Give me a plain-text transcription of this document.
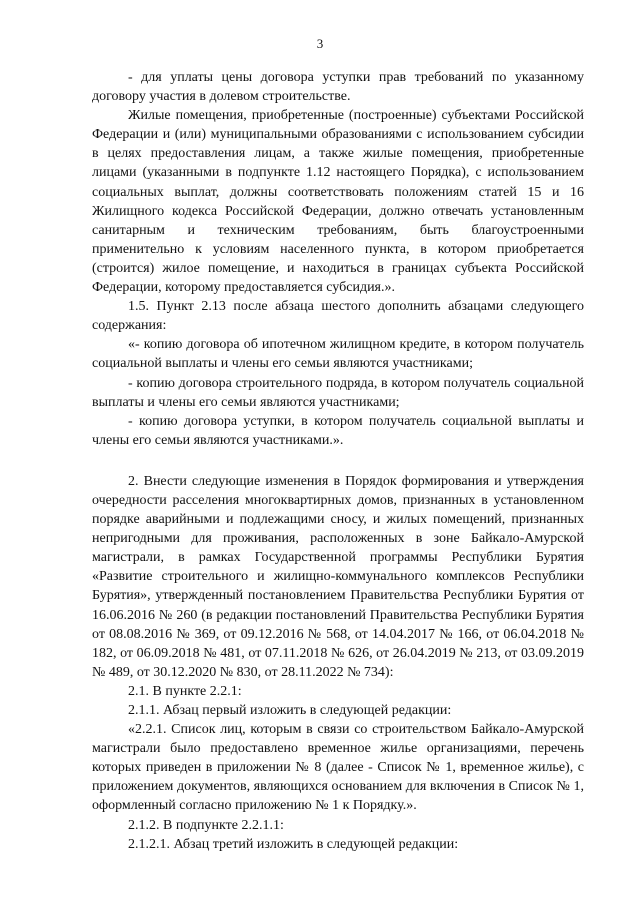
3

- для уплаты цены договора уступки прав требований по указанному договору участия в долевом строительстве.

Жилые помещения, приобретенные (построенные) субъектами Российской Федерации и (или) муниципальными образованиями с использованием субсидии в целях предоставления лицам, а также жилые помещения, приобретенные лицами (указанными в подпункте 1.12 настоящего Порядка), с использованием социальных выплат, должны соответствовать положениям статей 15 и 16 Жилищного кодекса Российской Федерации, должно отвечать установленным санитарным и техническим требованиям, быть благоустроенными применительно к условиям населенного пункта, в котором приобретается (строится) жилое помещение, и находиться в границах субъекта Российской Федерации, которому предоставляется субсидия.».

1.5. Пункт 2.13 после абзаца шестого дополнить абзацами следующего содержания:

«- копию договора об ипотечном жилищном кредите, в котором получатель социальной выплаты и члены его семьи являются участниками;

- копию договора строительного подряда, в котором получатель социальной выплаты и члены его семьи являются участниками;

- копию договора уступки, в котором получатель социальной выплаты и члены его семьи являются участниками.».

2. Внести следующие изменения в Порядок формирования и утверждения очередности расселения многоквартирных домов, признанных в установленном порядке аварийными и подлежащими сносу, и жилых помещений, признанных непригодными для проживания, расположенных в зоне Байкало-Амурской магистрали, в рамках Государственной программы Республики Бурятия «Развитие строительного и жилищно-коммунального комплексов Республики Бурятия», утвержденный постановлением Правительства Республики Бурятия от 16.06.2016 № 260 (в редакции постановлений Правительства Республики Бурятия от 08.08.2016 № 369, от 09.12.2016 № 568, от 14.04.2017 № 166, от 06.04.2018 № 182, от 06.09.2018 № 481, от 07.11.2018 № 626, от 26.04.2019 № 213, от 03.09.2019 № 489, от 30.12.2020 № 830, от 28.11.2022 № 734):

2.1. В пункте 2.2.1:

2.1.1. Абзац первый изложить в следующей редакции:

«2.2.1. Список лиц, которым в связи со строительством Байкало-Амурской магистрали было предоставлено временное жилье организациями, перечень которых приведен в приложении № 8 (далее - Список № 1, временное жилье), с приложением документов, являющихся основанием для включения в Список № 1, оформленный согласно приложению № 1 к Порядку.».

2.1.2. В подпункте 2.2.1.1:

2.1.2.1. Абзац третий изложить в следующей редакции:
